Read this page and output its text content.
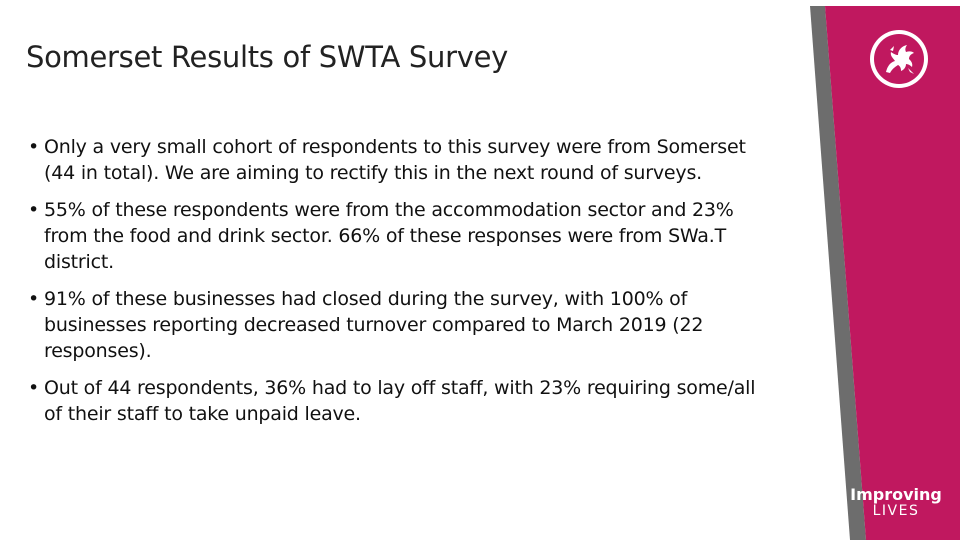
Somerset Results of SWTA Survey
• Only a very small cohort of respondents to this survey were from Somerset (44 in total). We are aiming to rectify this in the next round of surveys.
• 55% of these respondents were from the accommodation sector and 23% from the food and drink sector. 66% of these responses were from SWa.T district.
• 91% of these businesses had closed during the survey, with 100% of businesses reporting decreased turnover compared to March 2019 (22 responses).
• Out of 44 respondents, 36% had to lay off staff, with 23% requiring some/all of their staff to take unpaid leave.
Improving
LIVES
